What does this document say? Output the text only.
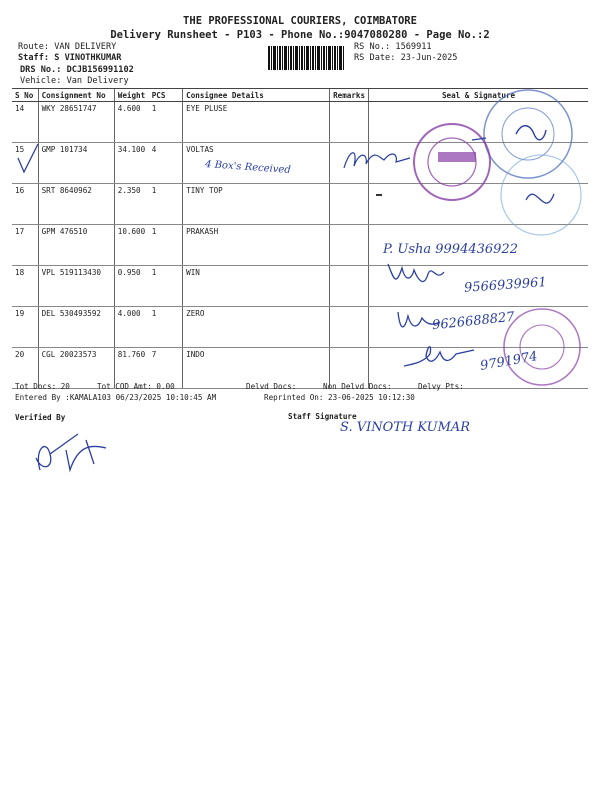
THE PROFESSIONAL COURIERS, COIMBATORE
Delivery Runsheet - P103 - Phone No.:9047080280 - Page No.:2
Route: VAN DELIVERY
Staff: S VINOTHKUMAR
DRS No.: DCJB156991102
Vehicle: Van Delivery
RS No.: 1569911
RS Date: 23-Jun-2025
S No	Consignment No	Weight	PCS	Consignee Details	Remarks	Seal & Signature
14	WKY 28651747	4.600	1	EYE PLUSE		
15	GMP 101734	34.100	4	VOLTAS		
16	SRT 8640962	2.350	1	TINY TOP		
17	GPM 476510	10.600	1	PRAKASH		
18	VPL 519113430	0.950	1	WIN		
19	DEL 530493592	4.000	1	ZERO		
20	CGL 20023573	81.760	7	INDO		
4 Box's Received
P. Usha 9994436922
9566939961
9626688827
9791974
Tot Docs: 20	Tot COD Amt: 0.00	Delvd Docs:	Non Delvd Docs:	Delvy Pts:
Entered By :KAMALA103 06/23/2025 10:10:45 AM	Reprinted On: 23-06-2025 10:12:30
Verified By	Staff Signature
S. VINOTH KUMAR
